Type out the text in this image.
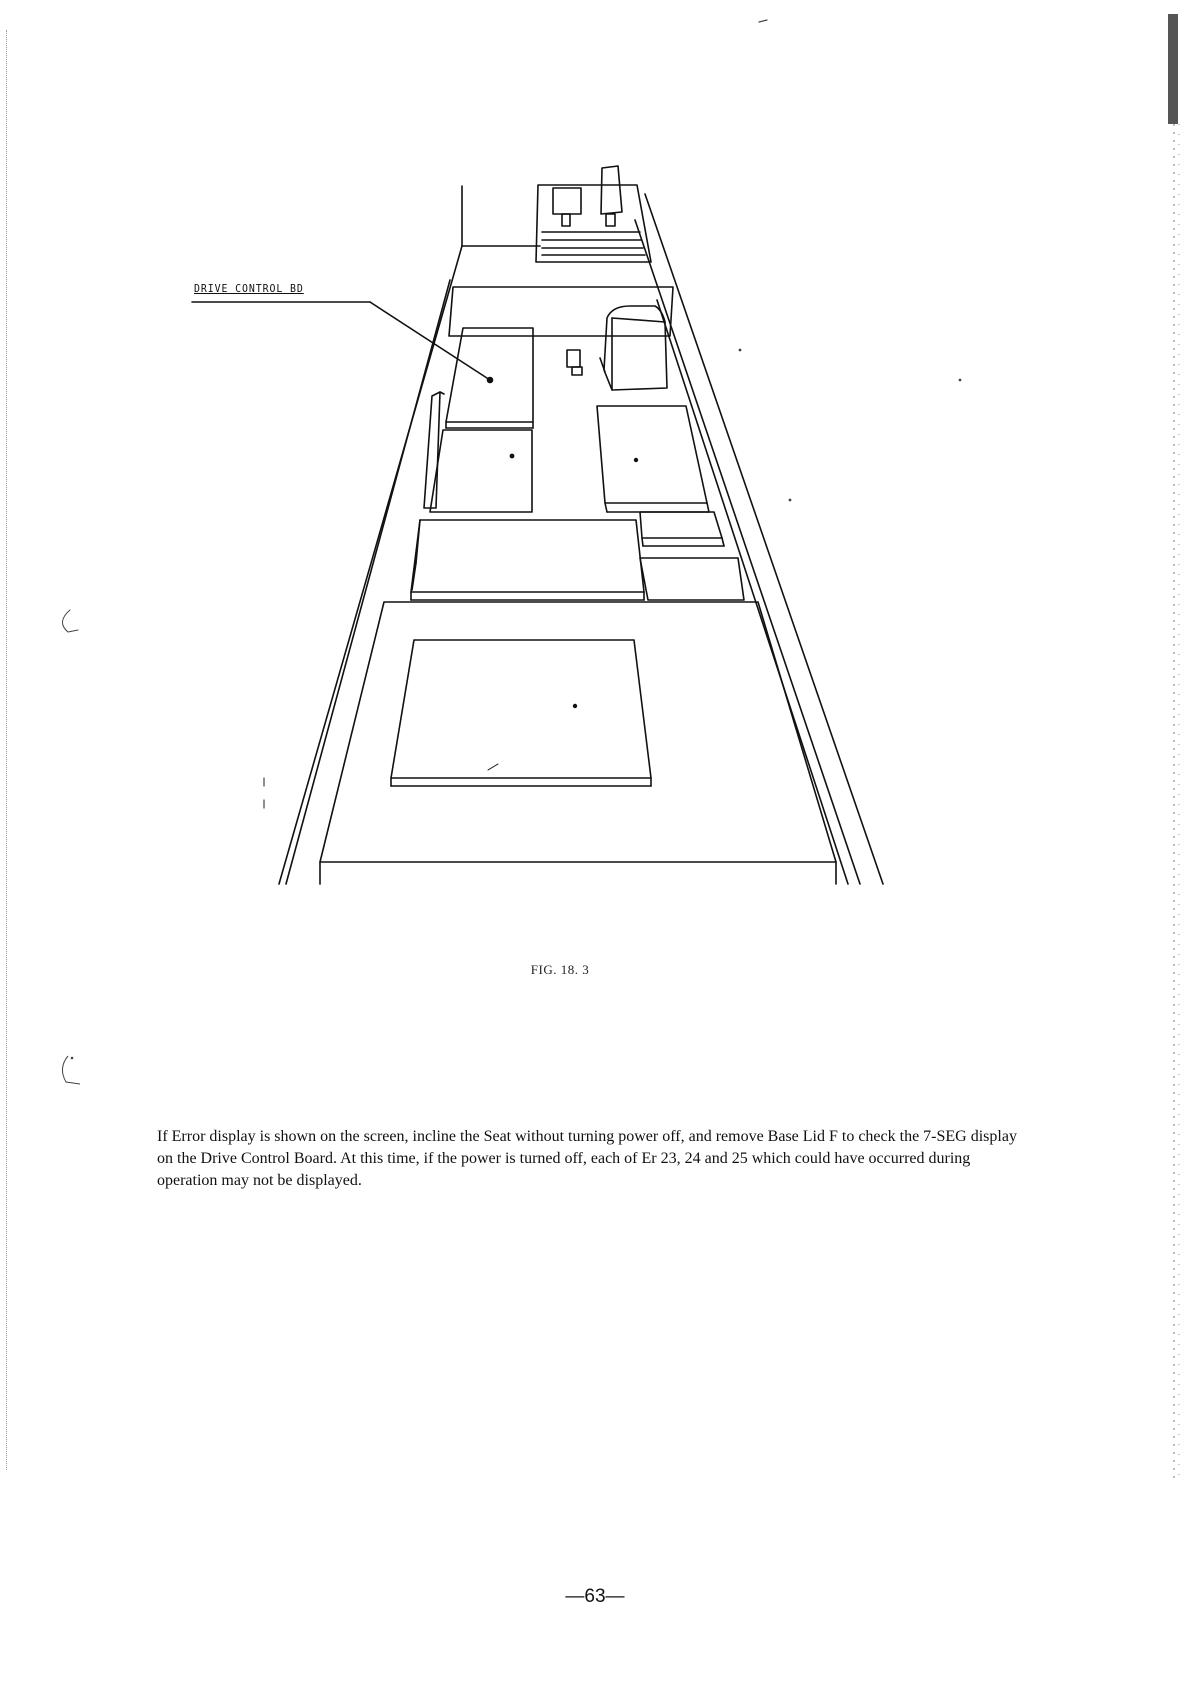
DRIVE CONTROL BD
FIG. 18. 3

If Error display is shown on the screen, incline the Seat without turning power off, and remove Base Lid F to check the 7-SEG display on the Drive Control Board. At this time, if the power is turned off, each of Er 23, 24 and 25 which could have occurred during operation may not be displayed.

—63—
